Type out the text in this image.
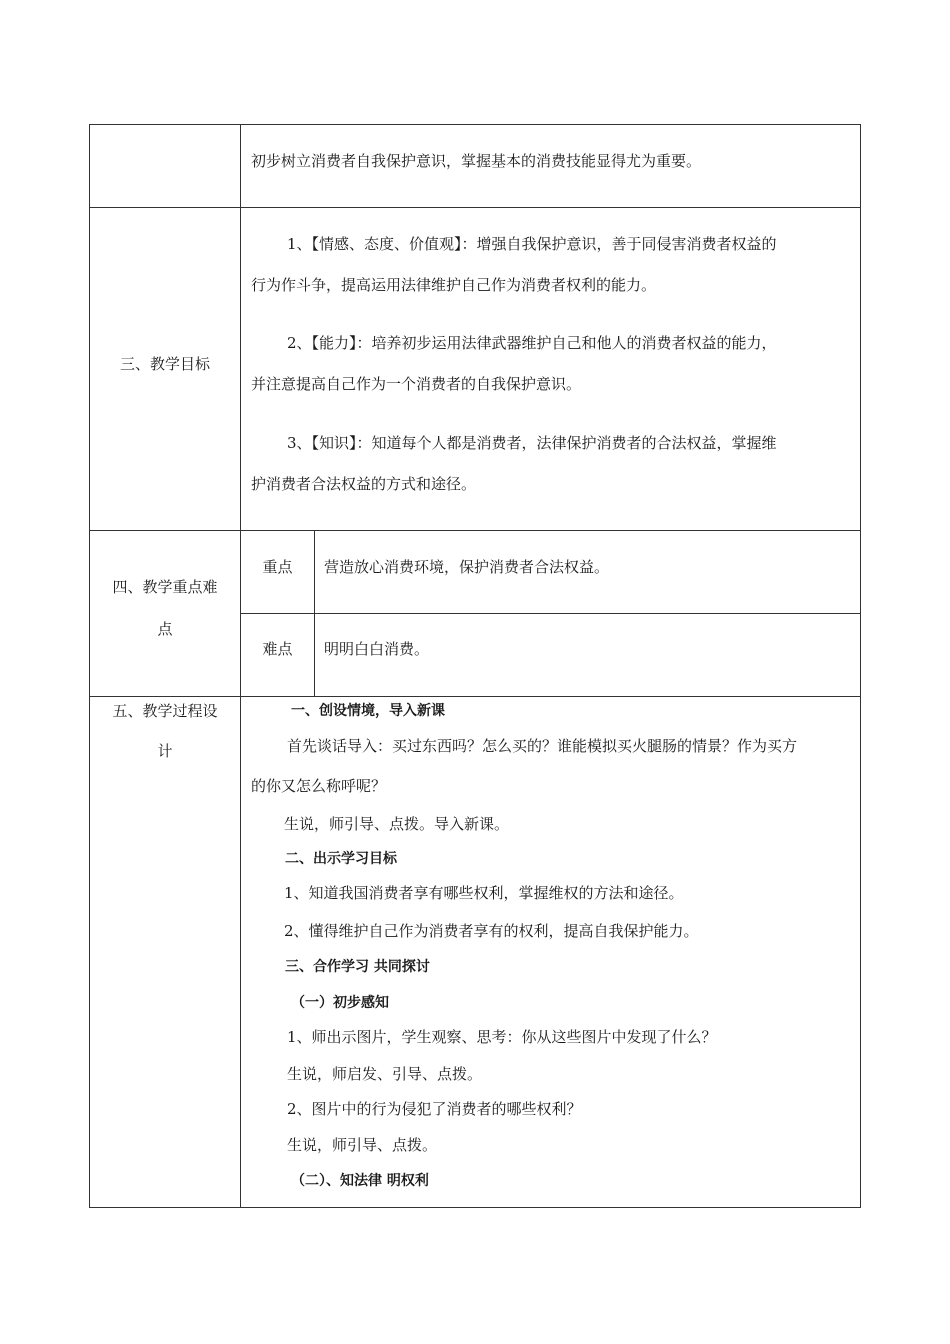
初步树立消费者自我保护意识，掌握基本的消费技能显得尤为重要。
三、教学目标
1、【情感、态度、价值观】：增强自我保护意识，善于同侵害消费者权益的
行为作斗争，提高运用法律维护自己作为消费者权利的能力。
2、【能力】：培养初步运用法律武器维护自己和他人的消费者权益的能力，
并注意提高自己作为一个消费者的自我保护意识。
3、【知识】：知道每个人都是消费者，法律保护消费者的合法权益，掌握维
护消费者合法权益的方式和途径。
四、教学重点难
点
重点	营造放心消费环境，保护消费者合法权益。
难点	明明白白消费。
五、教学过程设
计
一、创设情境，导入新课
首先谈话导入：买过东西吗？怎么买的？谁能模拟买火腿肠的情景？作为买方
的你又怎么称呼呢？
生说，师引导、点拨。导入新课。
二、出示学习目标
1、知道我国消费者享有哪些权利，掌握维权的方法和途径。
2、懂得维护自己作为消费者享有的权利，提高自我保护能力。
三、合作学习 共同探讨
（一）初步感知
1、师出示图片，学生观察、思考：你从这些图片中发现了什么？
生说，师启发、引导、点拨。
2、图片中的行为侵犯了消费者的哪些权利？
生说，师引导、点拨。
（二）、知法律 明权利
